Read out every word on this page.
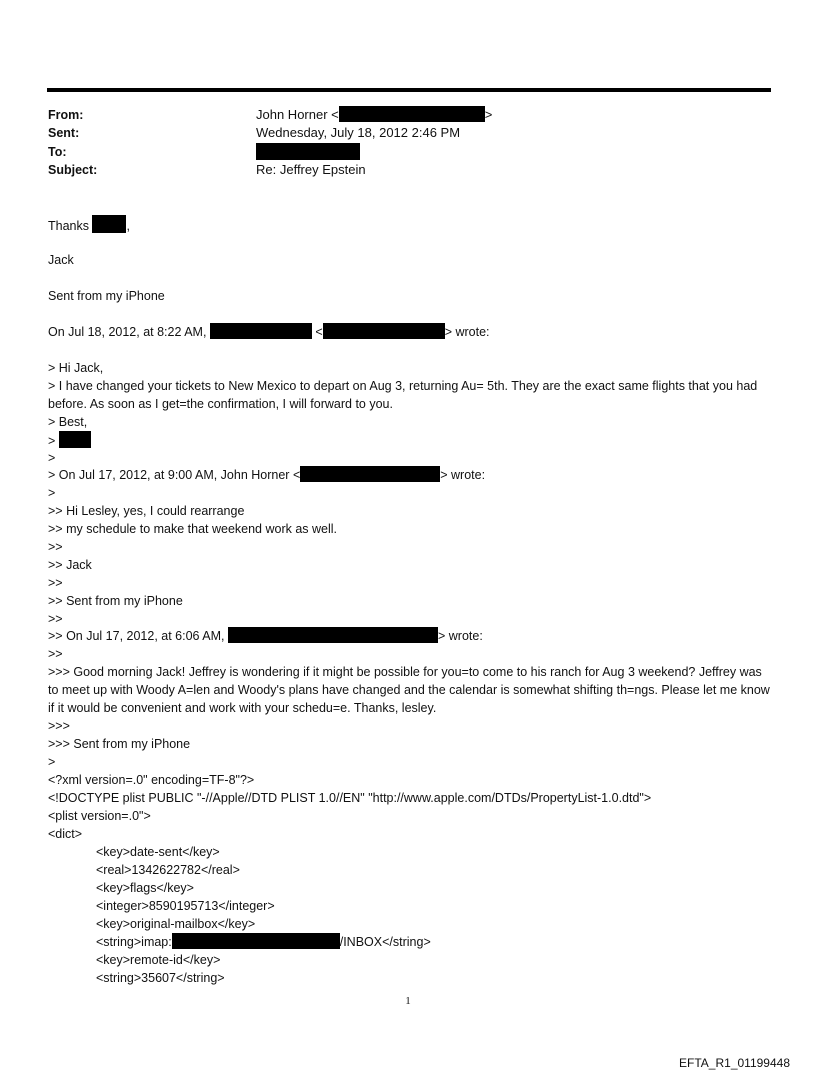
From:	John Horner <	>
Sent:	Wednesday, July 18, 2012 2:46 PM
To:
Subject:	Re: Jeffrey Epstein
Thanks	,
Jack
Sent from my iPhone
On Jul 18, 2012, at 8:22 AM,	<	> wrote:
> Hi Jack,
> I have changed your tickets to New Mexico to depart on Aug 3, returning Au= 5th. They are the exact same flights that you had before. As soon as I get=the confirmation, I will forward to you.
> Best,
>
>
> On Jul 17, 2012, at 9:00 AM, John Horner <	> wrote:
>
>> Hi Lesley, yes, I could rearrange
>> my schedule to make that weekend work as well.
>>
>> Jack
>>
>> Sent from my iPhone
>>
>> On Jul 17, 2012, at 6:06 AM,	> wrote:
>>
>>> Good morning Jack! Jeffrey is wondering if it might be possible for you=to come to his ranch for Aug 3 weekend? Jeffrey was to meet up with Woody A=len and Woody's plans have changed and the calendar is somewhat shifting th=ngs. Please let me know if it would be convenient and work with your schedu=e. Thanks, lesley.
>>>
>>> Sent from my iPhone
>
<?xml version=.0" encoding=TF-8"?>
<!DOCTYPE plist PUBLIC "-//Apple//DTD PLIST 1.0//EN" "http://www.apple.com/DTDs/PropertyList-1.0.dtd">
<plist version=.0">
<dict>
<key>date-sent</key>
<real>1342622782</real>
<key>flags</key>
<integer>8590195713</integer>
<key>original-mailbox</key>
<string>imap:	/INBOX</string>
<key>remote-id</key>
<string>35607</string>
1
EFTA_R1_01199448
